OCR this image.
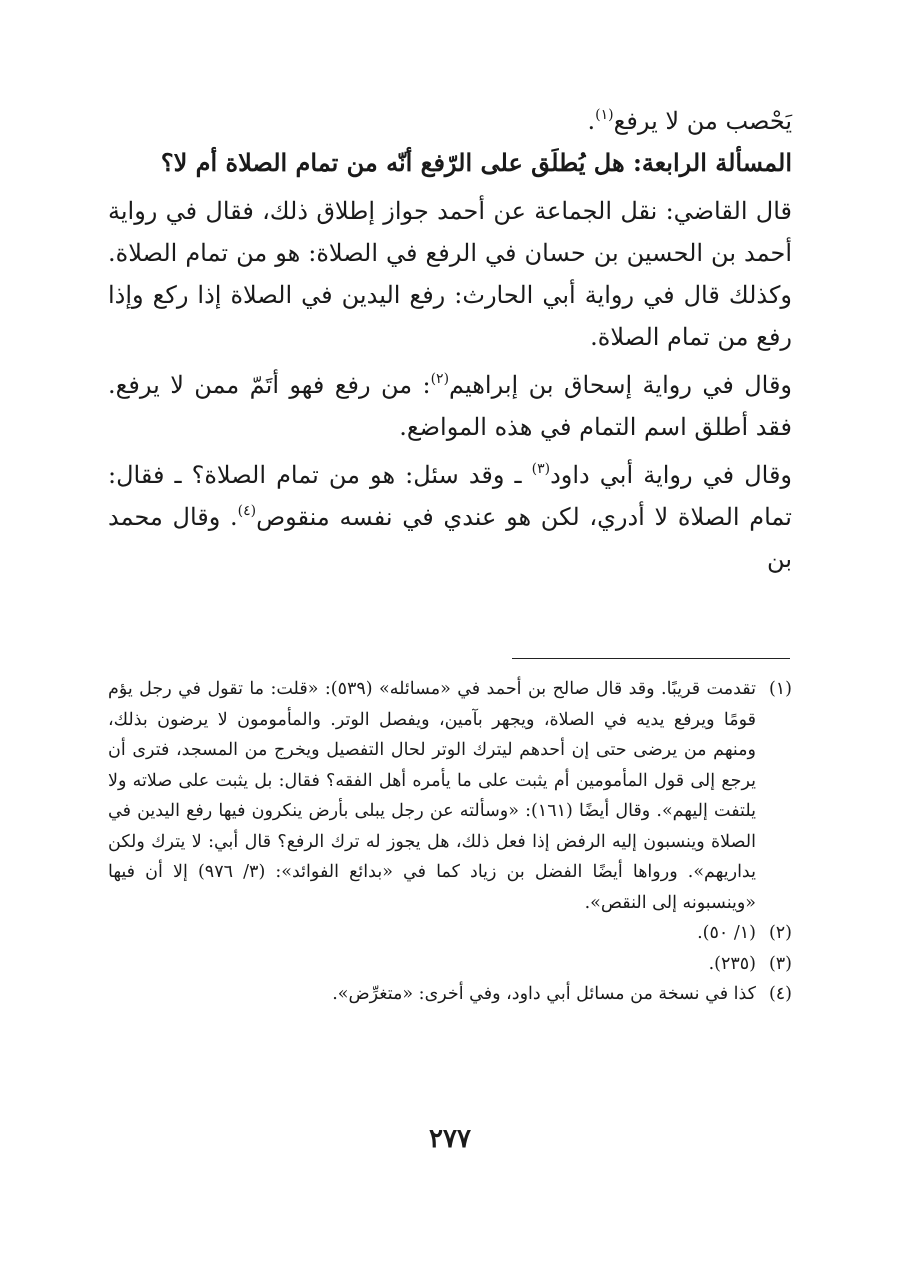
يَحْصب من لا يرفع$^{(١)}$.

المسألة الرابعة: هل يُطلَق على الرّفع أنّه من تمام الصلاة أم لا؟

قال القاضي: نقل الجماعة عن أحمد جواز إطلاق ذلك، فقال في رواية أحمد بن الحسين بن حسان في الرفع في الصلاة: هو من تمام الصلاة. وكذلك قال في رواية أبي الحارث: رفع اليدين في الصلاة إذا ركع وإذا رفع من تمام الصلاة.

وقال في رواية إسحاق بن إبراهيم$^{(٢)}$: من رفع فهو أتَمّ ممن لا يرفع. فقد أطلق اسم التمام في هذه المواضع.

وقال في رواية أبي داود$^{(٣)}$ ـ وقد سئل: هو من تمام الصلاة؟ ـ فقال: تمام الصلاة لا أدري، لكن هو عندي في نفسه منقوص$^{(٤)}$. وقال محمد بن

(١)
تقدمت قريبًا. وقد قال صالح بن أحمد في «مسائله» (٥٣٩): «قلت: ما تقول في رجل يؤم قومًا ويرفع يديه في الصلاة، ويجهر بآمين، ويفصل الوتر. والمأمومون لا يرضون بذلك، ومنهم من يرضى حتى إن أحدهم ليترك الوتر لحال التفصيل ويخرج من المسجد، فترى أن يرجع إلى قول المأمومين أم يثبت على ما يأمره أهل الفقه؟ فقال: بل يثبت على صلاته ولا يلتفت إليهم». وقال أيضًا (١٦١): «وسألته عن رجل يبلى بأرض ينكرون فيها رفع اليدين في الصلاة وينسبون إليه الرفض إذا فعل ذلك، هل يجوز له ترك الرفع؟ قال أبي: لا يترك ولكن يداريهم». ورواها أيضًا الفضل بن زياد كما في «بدائع الفوائد»: (٣/ ٩٧٦) إلا أن فيها «وينسبونه إلى النقص».
(٢)
(١/ ٥٠).
(٣)
(٢٣٥).
(٤)
كذا في نسخة من مسائل أبي داود، وفي أخرى: «متغرِّض».
٢٧٧
